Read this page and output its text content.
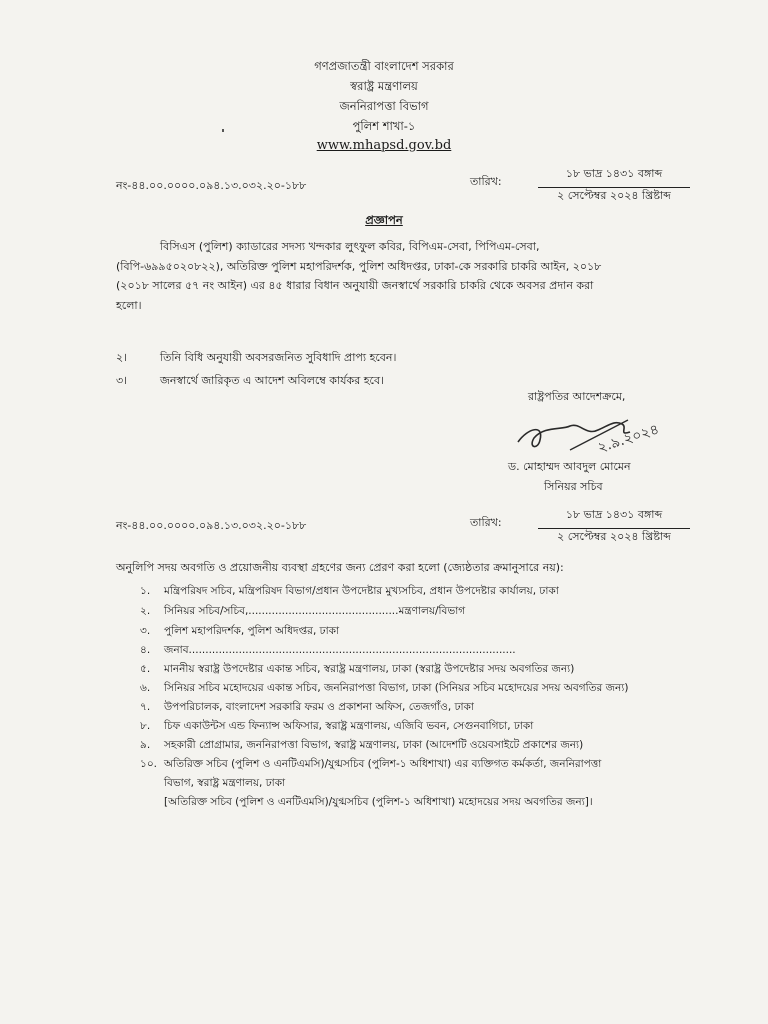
গণপ্রজাতন্ত্রী বাংলাদেশ সরকার
স্বরাষ্ট্র মন্ত্রণালয়
জননিরাপত্তা বিভাগ
পুলিশ শাখা-১
www.mhapsd.gov.bd
নং-৪৪.০০.০০০০.০৯৪.১৩.০৩২.২০-১৮৮	তারিখ:
১৮ ভাদ্র ১৪৩১ বঙ্গাব্দ
২ সেপ্টেম্বর ২০২৪ খ্রিষ্টাব্দ
প্রজ্ঞাপন
বিসিএস (পুলিশ) ক্যাডারের সদস্য খন্দকার লুৎফুল কবির, বিপিএম-সেবা, পিপিএম-সেবা,
(বিপি-৬৯৯৫০২০৮২২), অতিরিক্ত পুলিশ মহাপরিদর্শক, পুলিশ অধিদপ্তর, ঢাকা-কে সরকারি চাকরি আইন, ২০১৮
(২০১৮ সালের ৫৭ নং আইন) এর ৪৫ ধারার বিধান অনুযায়ী জনস্বার্থে সরকারি চাকরি থেকে অবসর প্রদান করা
হলো।
২।	তিনি বিধি অনুযায়ী অবসরজনিত সুবিধাদি প্রাপ্য হবেন।
৩।	জনস্বার্থে জারিকৃত এ আদেশ অবিলম্বে কার্যকর হবে।
রাষ্ট্রপতির আদেশক্রমে,
২.৯.২০২৪
ড. মোহাম্মদ আবদুল মোমেন
সিনিয়র সচিব
নং-৪৪.০০.০০০০.০৯৪.১৩.০৩২.২০-১৮৮	তারিখ:
১৮ ভাদ্র ১৪৩১ বঙ্গাব্দ
২ সেপ্টেম্বর ২০২৪ খ্রিষ্টাব্দ
অনুলিপি সদয় অবগতি ও প্রয়োজনীয় ব্যবস্থা গ্রহণের জন্য প্রেরণ করা হলো (জ্যেষ্ঠতার ক্রমানুসারে নয়):
১. মন্ত্রিপরিষদ সচিব, মন্ত্রিপরিষদ বিভাগ/প্রধান উপদেষ্টার মুখ্যসচিব, প্রধান উপদেষ্টার কার্যালয়, ঢাকা
২. সিনিয়র সচিব/সচিব,.............................................মন্ত্রণালয়/বিভাগ
৩. পুলিশ মহাপরিদর্শক, পুলিশ অধিদপ্তর, ঢাকা
৪. জনাব..................................................................................................
৫. মাননীয় স্বরাষ্ট্র উপদেষ্টার একান্ত সচিব, স্বরাষ্ট্র মন্ত্রণালয়, ঢাকা (স্বরাষ্ট্র উপদেষ্টার সদয় অবগতির জন্য)
৬. সিনিয়র সচিব মহোদয়ের একান্ত সচিব, জননিরাপত্তা বিভাগ, ঢাকা (সিনিয়র সচিব মহোদয়ের সদয় অবগতির জন্য)
৭. উপপরিচালক, বাংলাদেশ সরকারি ফরম ও প্রকাশনা অফিস, তেজগাঁও, ঢাকা
৮. চিফ একাউন্টস এন্ড ফিন্যান্স অফিসার, স্বরাষ্ট্র মন্ত্রণালয়, এজিবি ভবন, সেগুনবাগিচা, ঢাকা
৯. সহকারী প্রোগ্রামার, জননিরাপত্তা বিভাগ, স্বরাষ্ট্র মন্ত্রণালয়, ঢাকা (আদেশটি ওয়েবসাইটে প্রকাশের জন্য)
১০. অতিরিক্ত সচিব (পুলিশ ও এনটিএমসি)/যুগ্মসচিব (পুলিশ-১ অধিশাখা) এর ব্যক্তিগত কর্মকর্তা, জননিরাপত্তা
বিভাগ, স্বরাষ্ট্র মন্ত্রণালয়, ঢাকা
[অতিরিক্ত সচিব (পুলিশ ও এনটিএমসি)/যুগ্মসচিব (পুলিশ-১ অধিশাখা) মহোদয়ের সদয় অবগতির জন্য]।
